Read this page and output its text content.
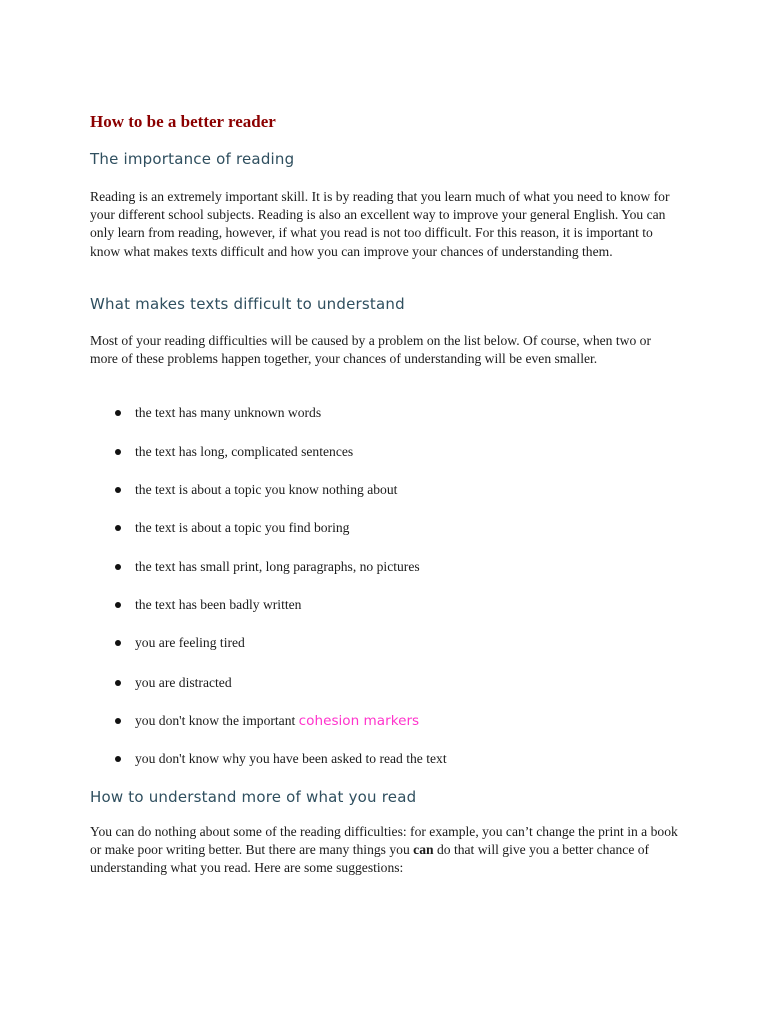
How to be a better reader
The importance of reading

Reading is an extremely important skill. It is by reading that you learn much of what you need to know for your different school subjects. Reading is also an excellent way to improve your general English. You can only learn from reading, however, if what you read is not too difficult. For this reason, it is important to know what makes texts difficult and how you can improve your chances of understanding them.

What makes texts difficult to understand

Most of your reading difficulties will be caused by a problem on the list below. Of course, when two or more of these problems happen together, your chances of understanding will be even smaller.

the text has many unknown words
the text has long, complicated sentences
the text is about a topic you know nothing about
the text is about a topic you find boring
the text has small print, long paragraphs, no pictures
the text has been badly written
you are feeling tired
you are distracted
you don't know the important cohesion markers
you don't know why you have been asked to read the text
How to understand more of what you read

You can do nothing about some of the reading difficulties: for example, you can’t change the print in a book or make poor writing better. But there are many things you can do that will give you a better chance of understanding what you read. Here are some suggestions:
